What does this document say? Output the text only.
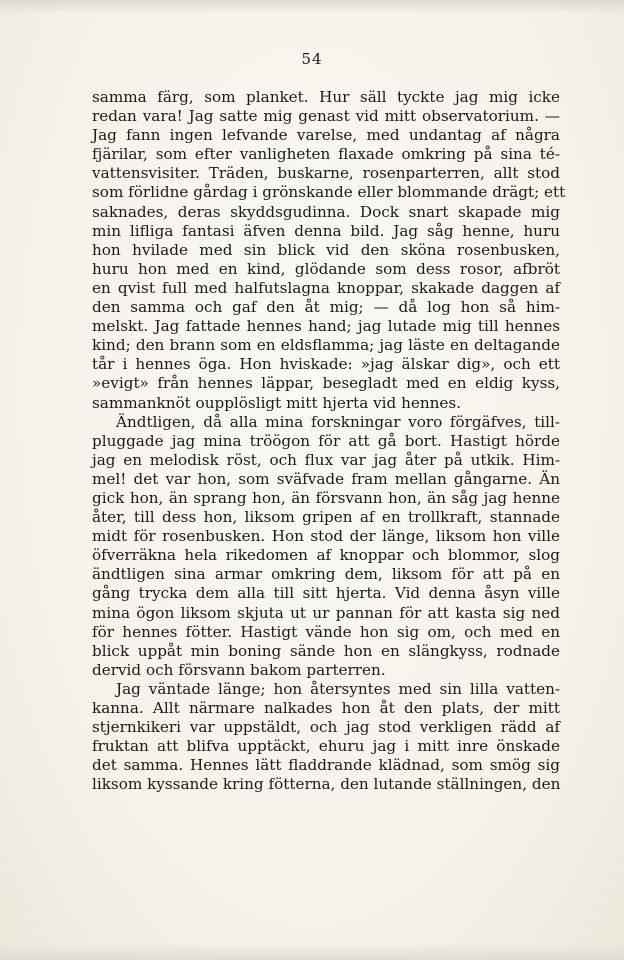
54
samma färg, som planket. Hur säll tyckte jag mig icke
redan vara! Jag satte mig genast vid mitt observatorium. —
Jag fann ingen lefvande varelse, med undantag af några
fjärilar, som efter vanligheten flaxade omkring på sina té-
vattensvisiter. Träden, buskarne, rosenparterren, allt stod
som förlidne gårdag i grönskande eller blommande drägt; ett
saknades, deras skyddsgudinna. Dock snart skapade mig
min lifliga fantasi äfven denna bild. Jag såg henne, huru
hon hvilade med sin blick vid den sköna rosenbusken,
huru hon med en kind, glödande som dess rosor, afbröt
en qvist full med halfutslagna knoppar, skakade daggen af
den samma och gaf den åt mig; — då log hon så him-
melskt. Jag fattade hennes hand; jag lutade mig till hennes
kind; den brann som en eldsflamma; jag läste en deltagande
tår i hennes öga. Hon hviskade: »jag älskar dig», och ett
»evigt» från hennes läppar, besegladt med en eldig kyss,
sammanknöt oupplösligt mitt hjerta vid hennes.
Ändtligen, då alla mina forskningar voro förgäfves, till-
pluggade jag mina tröögon för att gå bort. Hastigt hörde
jag en melodisk röst, och flux var jag åter på utkik. Him-
mel! det var hon, som sväfvade fram mellan gångarne. Än
gick hon, än sprang hon, än försvann hon, än såg jag henne
åter, till dess hon, liksom gripen af en trollkraft, stannade
midt för rosenbusken. Hon stod der länge, liksom hon ville
öfverräkna hela rikedomen af knoppar och blommor, slog
ändtligen sina armar omkring dem, liksom för att på en
gång trycka dem alla till sitt hjerta. Vid denna åsyn ville
mina ögon liksom skjuta ut ur pannan för att kasta sig ned
för hennes fötter. Hastigt vände hon sig om, och med en
blick uppåt min boning sände hon en slängkyss, rodnade
dervid och försvann bakom parterren.
Jag väntade länge; hon återsyntes med sin lilla vatten-
kanna. Allt närmare nalkades hon åt den plats, der mitt
stjernkikeri var uppstäldt, och jag stod verkligen rädd af
fruktan att blifva upptäckt, ehuru jag i mitt inre önskade
det samma. Hennes lätt fladdrande klädnad, som smög sig
liksom kyssande kring fötterna, den lutande ställningen, den
